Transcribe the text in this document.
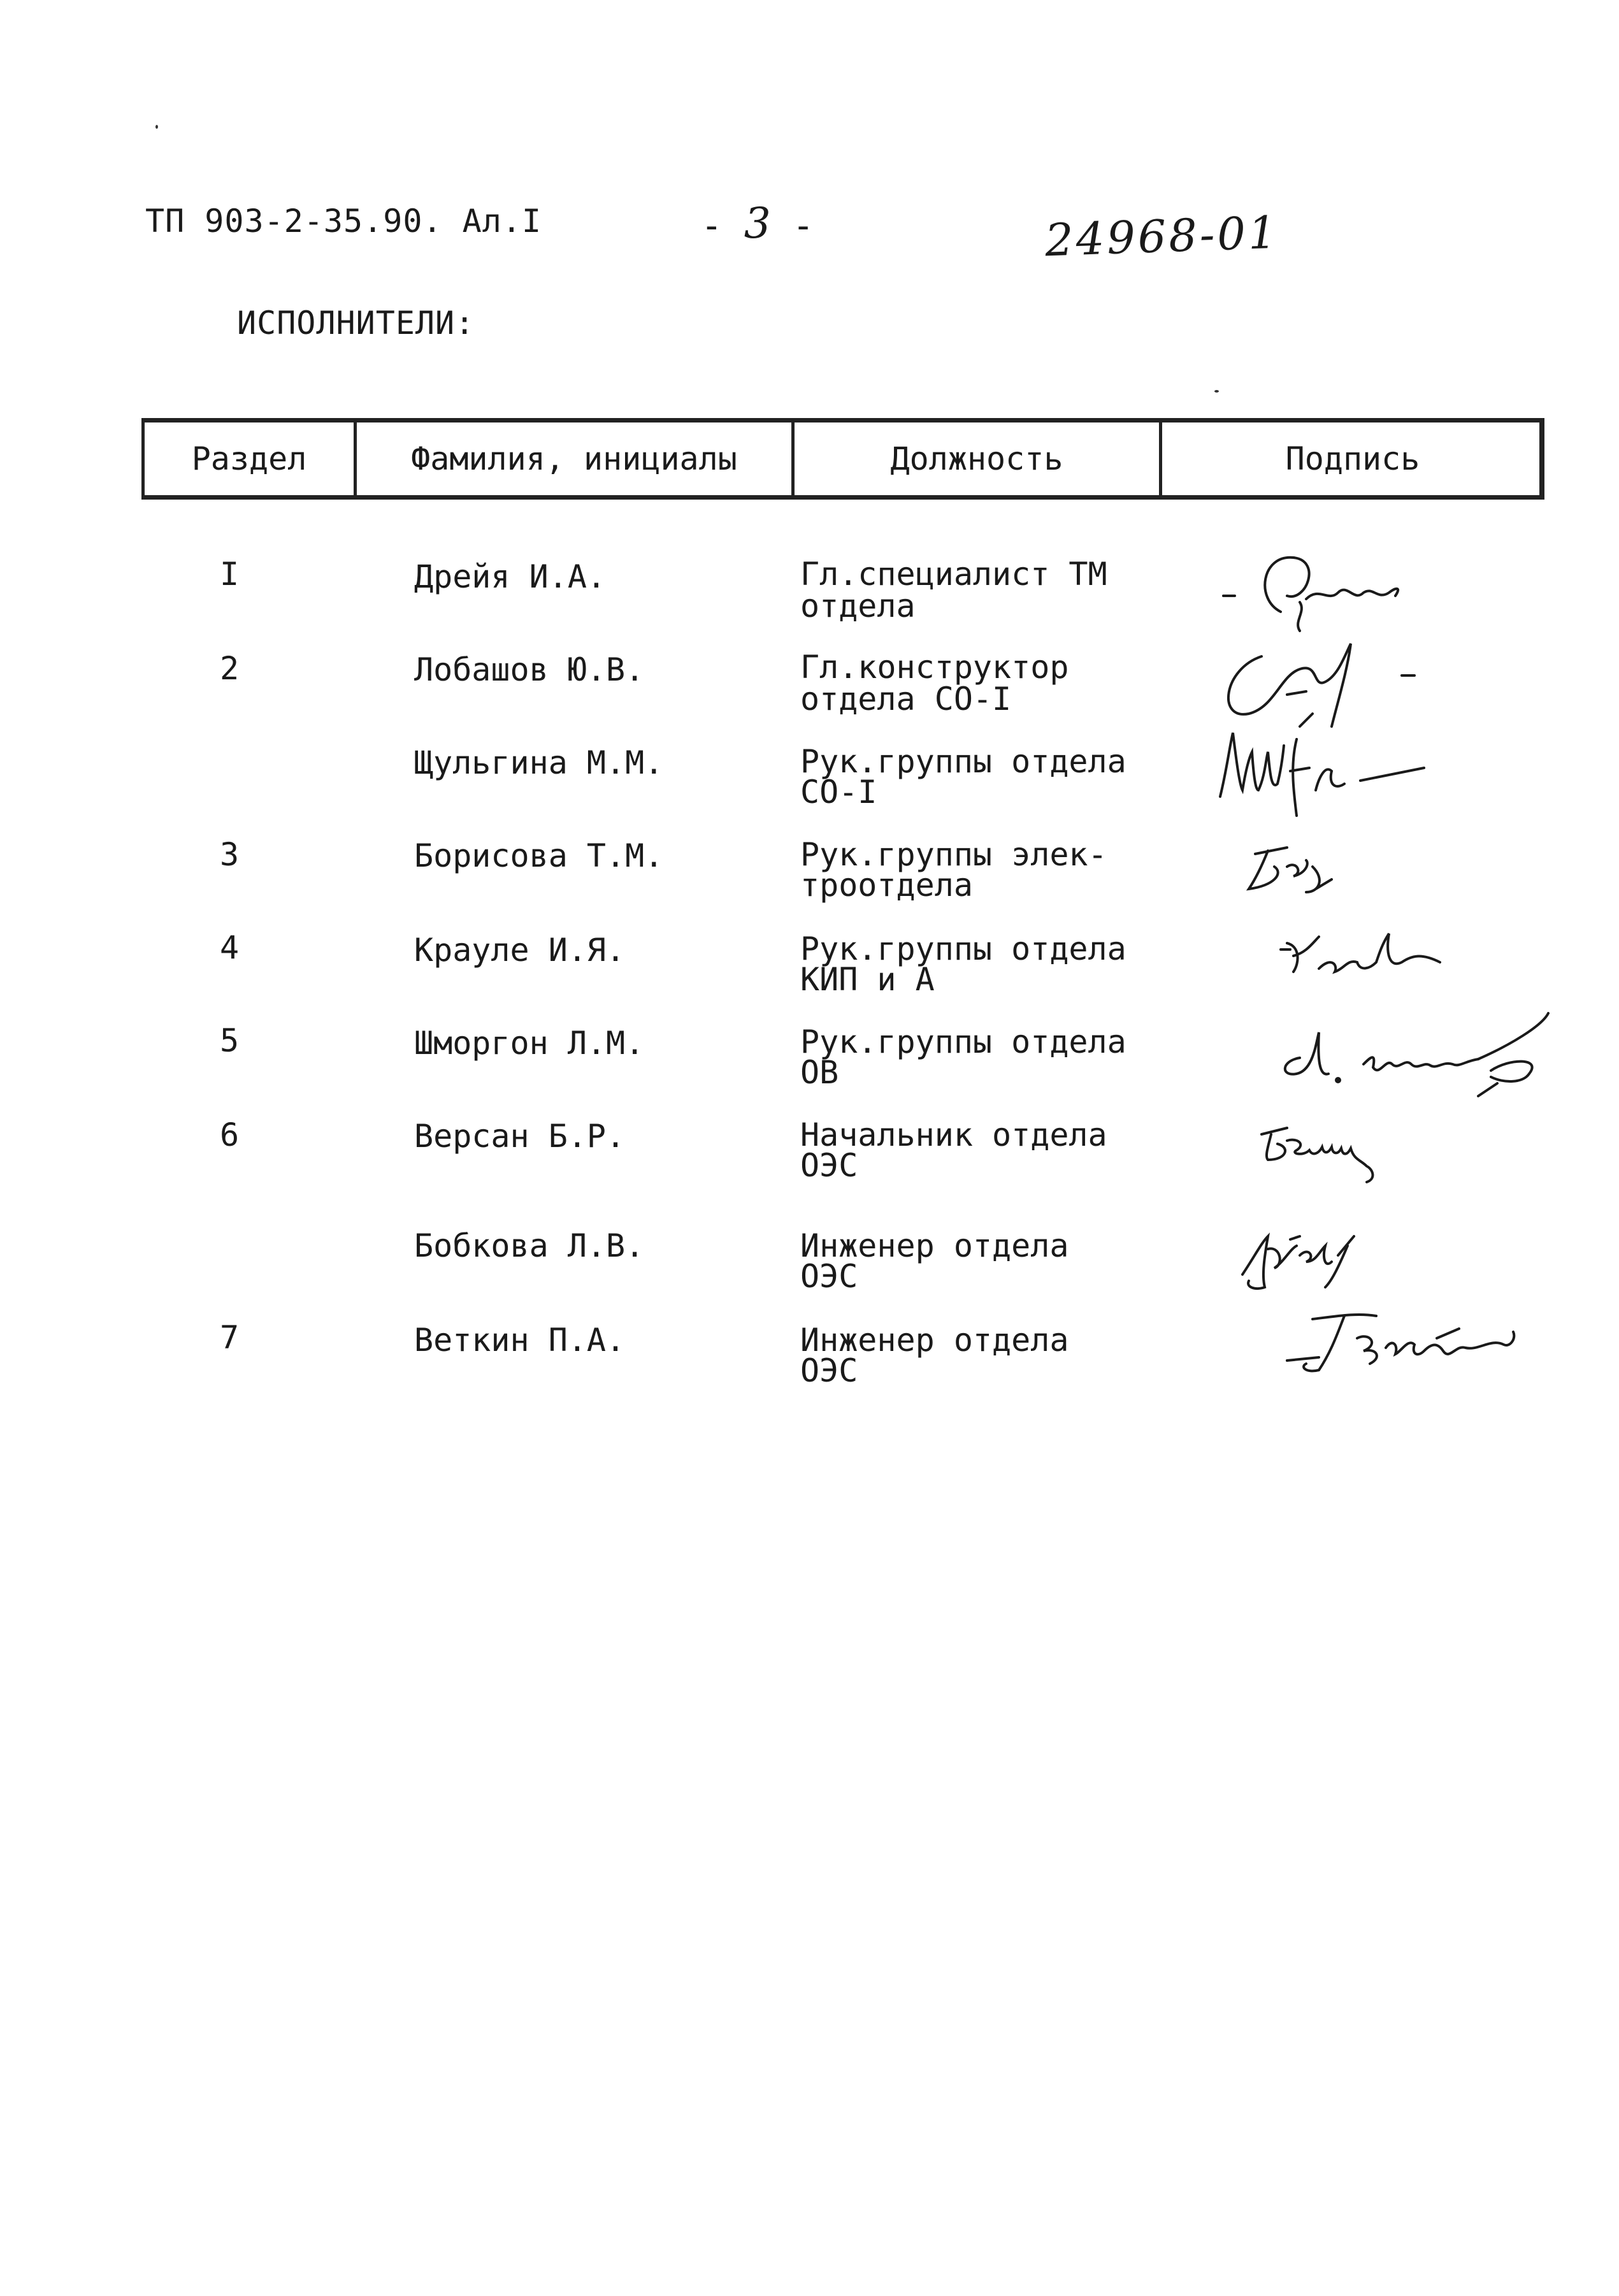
ТП 903-2-35.90. Ал.I	- 3 -	24968-01
ИСПОЛНИТЕЛИ:
Раздел	Фамилия, инициалы	Должность	Подпись
I	Дрейя И.А.	Гл.специалист ТМ
отдела
2	Лобашов Ю.В.	Гл.конструктор
отдела СО-I
Щульгина М.М.	Рук.группы отдела
СО-I
3	Борисова Т.М.	Рук.группы элек-
троотдела
4	Крауле И.Я.	Рук.группы отдела
КИП и А
5	Шморгон Л.М.	Рук.группы отдела
ОВ
6	Версан Б.Р.	Начальник отдела
ОЭС
Бобкова Л.В.	Инженер отдела
ОЭС
7	Веткин П.А.	Инженер отдела
ОЭС
